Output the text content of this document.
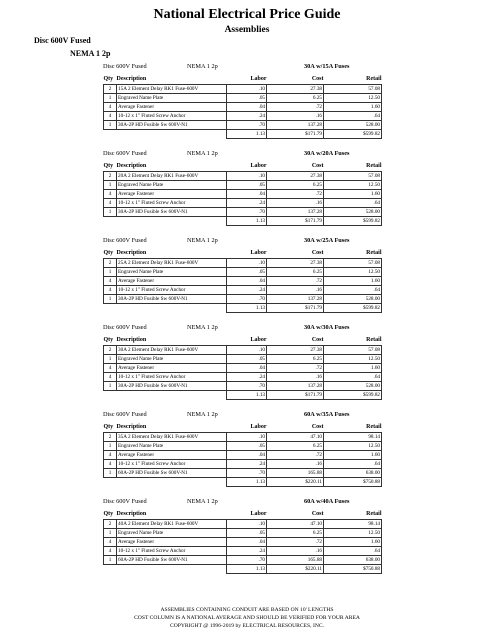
National Electrical Price Guide
Assemblies
Disc 600V Fused
NEMA 1 2p
Disc 600V Fused	NEMA 1 2p	30A w/15A Fuses
Qty	Description	Labor	Cost	Retail
2	15A 2 Element Delay RK1 Fuse-600V	.10	27.38	57.08
1	Engraved Name Plate	.05	6.25	12.50
4	Average Fastener	.04	.72	1.60
4	10-12 x 1" Fluted Screw Anchor	.24	.16	.64
1	30A-2P HD Fusible Sw 600V-N1	.70	137.28	528.00
		1.13	$171.79	$599.82
Disc 600V Fused	NEMA 1 2p	30A w/20A Fuses
Qty	Description	Labor	Cost	Retail
2	20A 2 Element Delay RK1 Fuse-600V	.10	27.38	57.08
1	Engraved Name Plate	.05	6.25	12.50
4	Average Fastener	.04	.72	1.60
4	10-12 x 1" Fluted Screw Anchor	.24	.16	.64
1	30A-2P HD Fusible Sw 600V-N1	.70	137.28	528.00
		1.13	$171.79	$599.82
Disc 600V Fused	NEMA 1 2p	30A w/25A Fuses
Qty	Description	Labor	Cost	Retail
2	25A 2 Element Delay RK1 Fuse-600V	.10	27.38	57.08
1	Engraved Name Plate	.05	6.25	12.50
4	Average Fastener	.04	.72	1.60
4	10-12 x 1" Fluted Screw Anchor	.24	.16	.64
1	30A-2P HD Fusible Sw 600V-N1	.70	137.28	528.00
		1.13	$171.79	$599.82
Disc 600V Fused	NEMA 1 2p	30A w/30A Fuses
Qty	Description	Labor	Cost	Retail
2	30A 2 Element Delay RK1 Fuse-600V	.10	27.38	57.08
1	Engraved Name Plate	.05	6.25	12.50
4	Average Fastener	.04	.72	1.60
4	10-12 x 1" Fluted Screw Anchor	.24	.16	.64
1	30A-2P HD Fusible Sw 600V-N1	.70	137.28	528.00
		1.13	$171.79	$599.82
Disc 600V Fused	NEMA 1 2p	60A w/35A Fuses
Qty	Description	Labor	Cost	Retail
2	35A 2 Element Delay RK1 Fuse-600V	.10	47.10	98.14
1	Engraved Name Plate	.05	6.25	12.50
4	Average Fastener	.04	.72	1.60
4	10-12 x 1" Fluted Screw Anchor	.24	.16	.64
1	60A-2P HD Fusible Sw 600V-N1	.70	165.88	638.00
		1.13	$220.11	$750.88
Disc 600V Fused	NEMA 1 2p	60A w/40A Fuses
Qty	Description	Labor	Cost	Retail
2	40A 2 Element Delay RK1 Fuse-600V	.10	47.10	98.14
1	Engraved Name Plate	.05	6.25	12.50
4	Average Fastener	.04	.72	1.60
4	10-12 x 1" Fluted Screw Anchor	.24	.16	.64
1	60A-2P HD Fusible Sw 600V-N1	.70	165.88	638.00
		1.13	$220.11	$750.88
ASSEMBLIES CONTAINING CONDUIT ARE BASED ON 10' LENGTHS
COST COLUMN IS A NATIONAL AVERAGE AND SHOULD BE VERIFIED FOR YOUR AREA
COPYRIGHT @ 1996-2019 by ELECTRICAL RESOURCES, INC.
